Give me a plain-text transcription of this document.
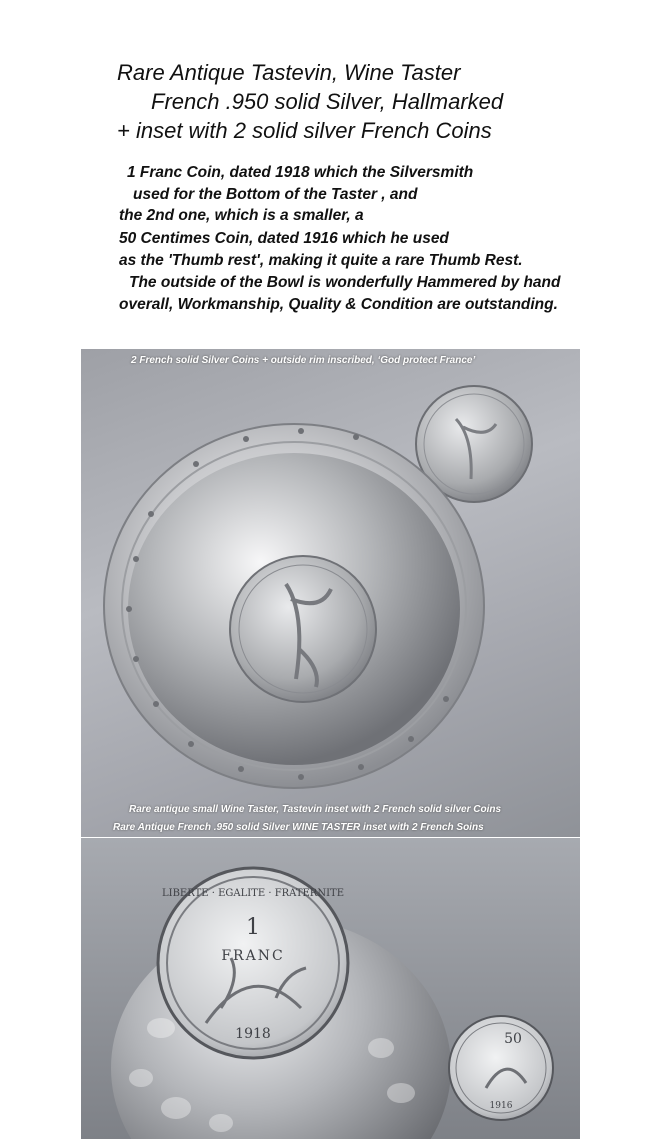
Rare Antique Tastevin, Wine Taster
French .950 solid Silver, Hallmarked
+ inset with 2 solid silver French Coins
1 Franc Coin, dated 1918 which the Silversmith
used for the Bottom of the Taster , and
the 2nd one, which is a smaller, a
50 Centimes Coin, dated 1916 which he used
as the 'Thumb rest', making it quite a rare Thumb Rest.
The outside of the Bowl is wonderfully Hammered by hand
overall, Workmanship, Quality & Condition are outstanding.
2 French solid Silver Coins + outside rim inscribed, ‘God protect France’
Rare antique small Wine Taster, Tastevin inset with 2 French solid silver Coins
1
FRANC
1918
LIBERTE · EGALITE · FRATERNITE
50
1916
Rare Antique French .950 solid Silver WINE TASTER inset with 2 French Soins
